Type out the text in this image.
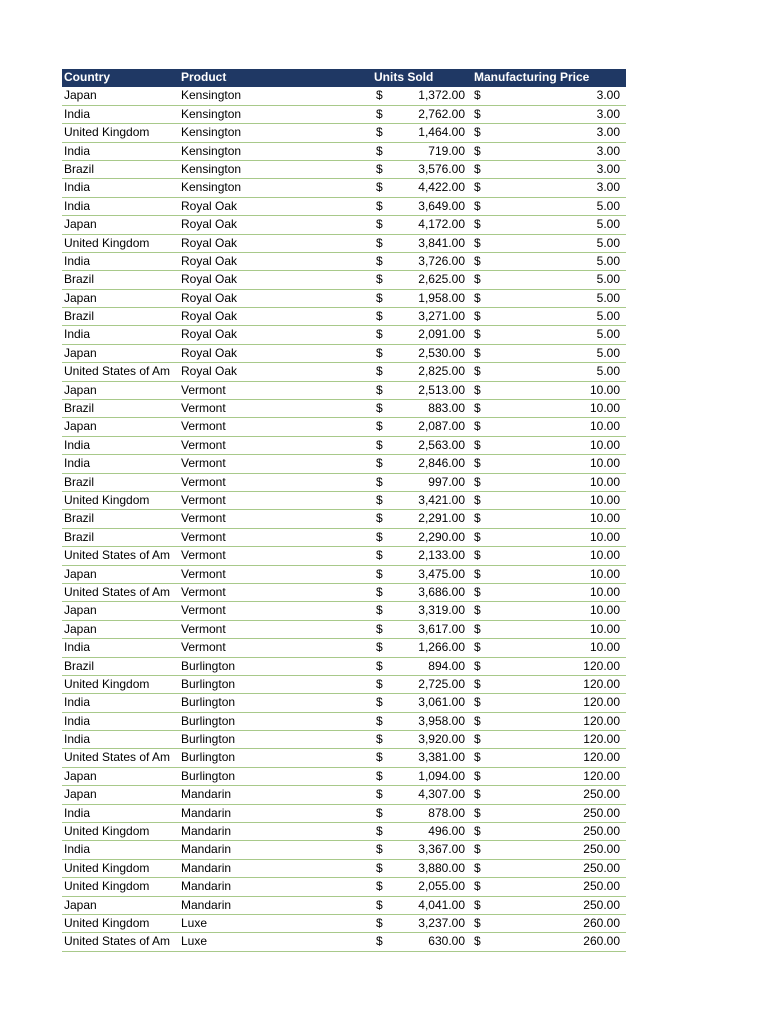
Country	Product	Units Sold	Manufacturing Price
Japan	Kensington	$	1,372.00 $	3.00
India	Kensington	$	2,762.00 $	3.00
United Kingdom	Kensington	$	1,464.00 $	3.00
India	Kensington	$	719.00 $	3.00
Brazil	Kensington	$	3,576.00 $	3.00
India	Kensington	$	4,422.00 $	3.00
India	Royal Oak	$	3,649.00 $	5.00
Japan	Royal Oak	$	4,172.00 $	5.00
United Kingdom	Royal Oak	$	3,841.00 $	5.00
India	Royal Oak	$	3,726.00 $	5.00
Brazil	Royal Oak	$	2,625.00 $	5.00
Japan	Royal Oak	$	1,958.00 $	5.00
Brazil	Royal Oak	$	3,271.00 $	5.00
India	Royal Oak	$	2,091.00 $	5.00
Japan	Royal Oak	$	2,530.00 $	5.00
United States of Am Royal Oak	$	2,825.00 $	5.00
Japan	Vermont	$	2,513.00 $	10.00
Brazil	Vermont	$	883.00 $	10.00
Japan	Vermont	$	2,087.00 $	10.00
India	Vermont	$	2,563.00 $	10.00
India	Vermont	$	2,846.00 $	10.00
Brazil	Vermont	$	997.00 $	10.00
United Kingdom	Vermont	$	3,421.00 $	10.00
Brazil	Vermont	$	2,291.00 $	10.00
Brazil	Vermont	$	2,290.00 $	10.00
United States of Am Vermont	$	2,133.00 $	10.00
Japan	Vermont	$	3,475.00 $	10.00
United States of Am Vermont	$	3,686.00 $	10.00
Japan	Vermont	$	3,319.00 $	10.00
Japan	Vermont	$	3,617.00 $	10.00
India	Vermont	$	1,266.00 $	10.00
Brazil	Burlington	$	894.00 $	120.00
United Kingdom	Burlington	$	2,725.00 $	120.00
India	Burlington	$	3,061.00 $	120.00
India	Burlington	$	3,958.00 $	120.00
India	Burlington	$	3,920.00 $	120.00
United States of Am Burlington	$	3,381.00 $	120.00
Japan	Burlington	$	1,094.00 $	120.00
Japan	Mandarin	$	4,307.00 $	250.00
India	Mandarin	$	878.00 $	250.00
United Kingdom	Mandarin	$	496.00 $	250.00
India	Mandarin	$	3,367.00 $	250.00
United Kingdom	Mandarin	$	3,880.00 $	250.00
United Kingdom	Mandarin	$	2,055.00 $	250.00
Japan	Mandarin	$	4,041.00 $	250.00
United Kingdom	Luxe	$	3,237.00 $	260.00
United States of Am Luxe	$	630.00 $	260.00
